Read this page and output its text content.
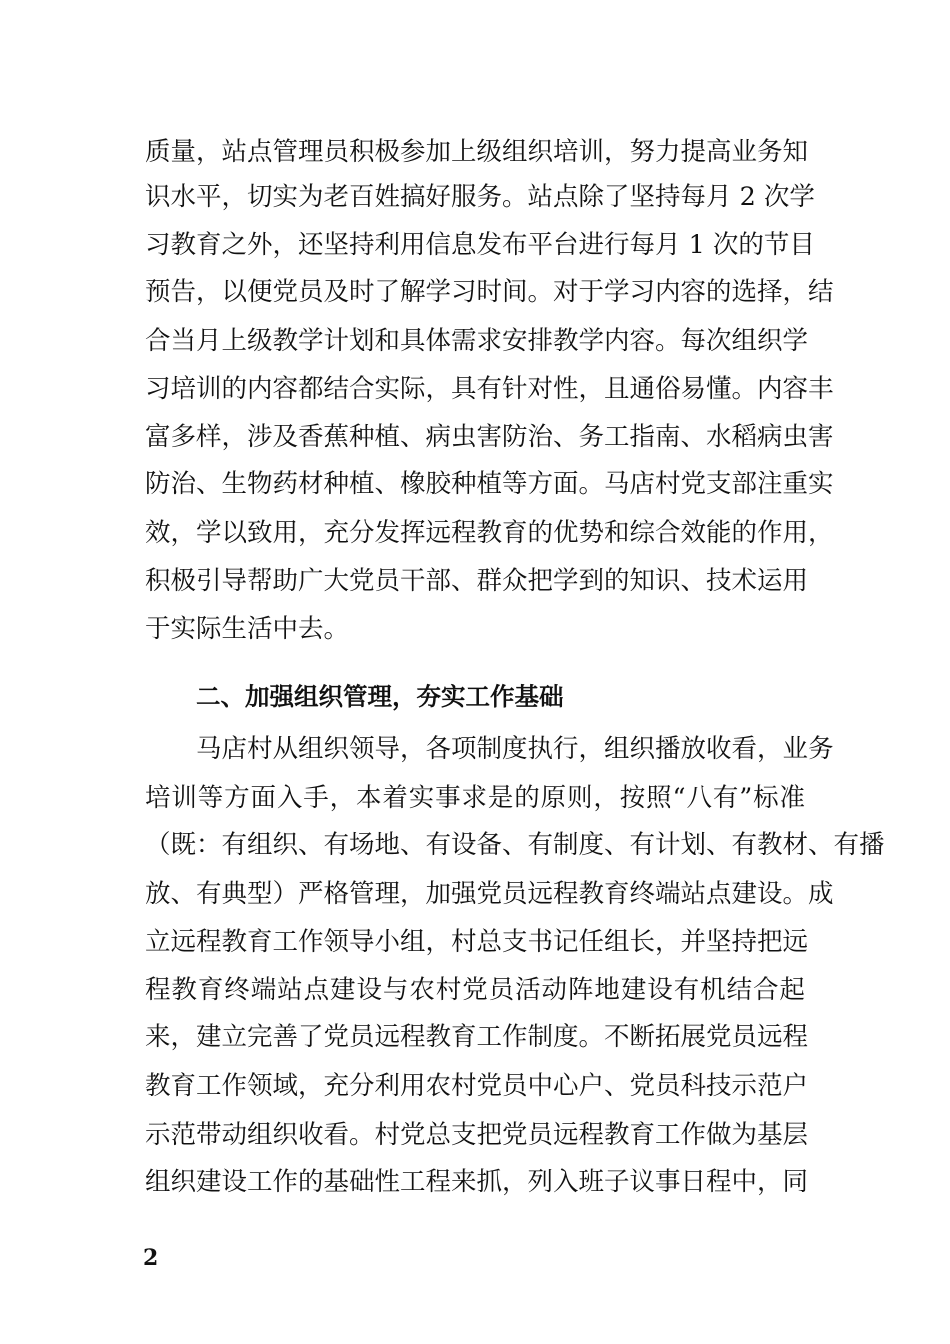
质量，站点管理员积极参加上级组织培训，努力提高业务知
识水平，切实为老百姓搞好服务。站点除了坚持每月 2 次学
习教育之外，还坚持利用信息发布平台进行每月 1 次的节目
预告，以便党员及时了解学习时间。对于学习内容的选择，结
合当月上级教学计划和具体需求安排教学内容。每次组织学
习培训的内容都结合实际，具有针对性，且通俗易懂。内容丰
富多样，涉及香蕉种植、病虫害防治、务工指南、水稻病虫害
防治、生物药材种植、橡胶种植等方面。马店村党支部注重实
效，学以致用，充分发挥远程教育的优势和综合效能的作用，
积极引导帮助广大党员干部、群众把学到的知识、技术运用
于实际生活中去。
二、加强组织管理，夯实工作基础
马店村从组织领导，各项制度执行，组织播放收看，业务
培训等方面入手，本着实事求是的原则，按照“八有”标准
（既：有组织、有场地、有设备、有制度、有计划、有教材、有播
放、有典型）严格管理，加强党员远程教育终端站点建设。成
立远程教育工作领导小组，村总支书记任组长，并坚持把远
程教育终端站点建设与农村党员活动阵地建设有机结合起
来，建立完善了党员远程教育工作制度。不断拓展党员远程
教育工作领域，充分利用农村党员中心户、党员科技示范户
示范带动组织收看。村党总支把党员远程教育工作做为基层
组织建设工作的基础性工程来抓，列入班子议事日程中，同
2
